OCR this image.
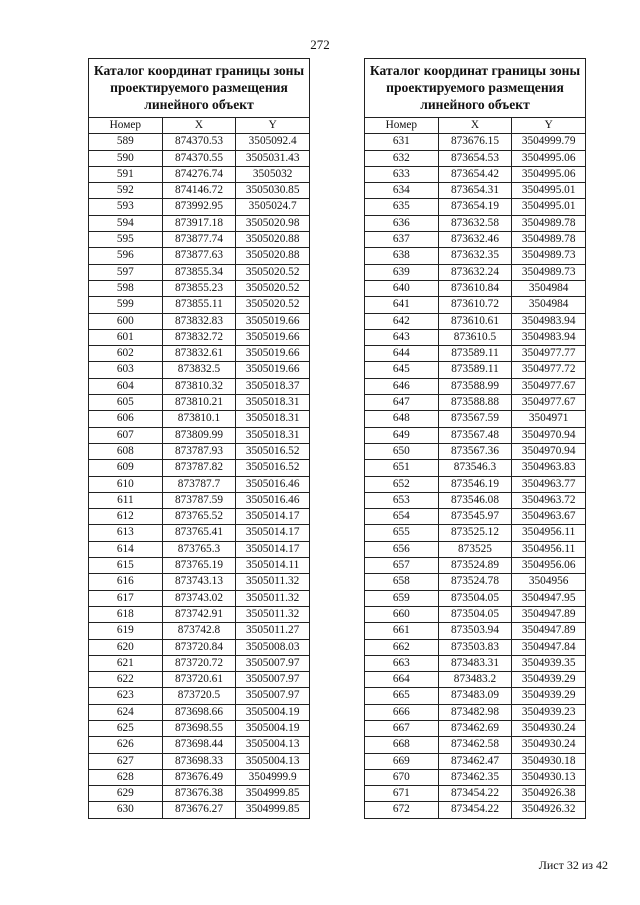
272
Каталог координат границы зоны проектируемого размещения линейного объект		
Номер	X	Y
589	874370.53	3505092.4
590	874370.55	3505031.43
591	874276.74	3505032
592	874146.72	3505030.85
593	873992.95	3505024.7
594	873917.18	3505020.98
595	873877.74	3505020.88
596	873877.63	3505020.88
597	873855.34	3505020.52
598	873855.23	3505020.52
599	873855.11	3505020.52
600	873832.83	3505019.66
601	873832.72	3505019.66
602	873832.61	3505019.66
603	873832.5	3505019.66
604	873810.32	3505018.37
605	873810.21	3505018.31
606	873810.1	3505018.31
607	873809.99	3505018.31
608	873787.93	3505016.52
609	873787.82	3505016.52
610	873787.7	3505016.46
611	873787.59	3505016.46
612	873765.52	3505014.17
613	873765.41	3505014.17
614	873765.3	3505014.17
615	873765.19	3505014.11
616	873743.13	3505011.32
617	873743.02	3505011.32
618	873742.91	3505011.32
619	873742.8	3505011.27
620	873720.84	3505008.03
621	873720.72	3505007.97
622	873720.61	3505007.97
623	873720.5	3505007.97
624	873698.66	3505004.19
625	873698.55	3505004.19
626	873698.44	3505004.13
627	873698.33	3505004.13
628	873676.49	3504999.9
629	873676.38	3504999.85
630	873676.27	3504999.85
Каталог координат границы зоны проектируемого размещения линейного объект		
Номер	X	Y
631	873676.15	3504999.79
632	873654.53	3504995.06
633	873654.42	3504995.06
634	873654.31	3504995.01
635	873654.19	3504995.01
636	873632.58	3504989.78
637	873632.46	3504989.78
638	873632.35	3504989.73
639	873632.24	3504989.73
640	873610.84	3504984
641	873610.72	3504984
642	873610.61	3504983.94
643	873610.5	3504983.94
644	873589.11	3504977.77
645	873589.11	3504977.72
646	873588.99	3504977.67
647	873588.88	3504977.67
648	873567.59	3504971
649	873567.48	3504970.94
650	873567.36	3504970.94
651	873546.3	3504963.83
652	873546.19	3504963.77
653	873546.08	3504963.72
654	873545.97	3504963.67
655	873525.12	3504956.11
656	873525	3504956.11
657	873524.89	3504956.06
658	873524.78	3504956
659	873504.05	3504947.95
660	873504.05	3504947.89
661	873503.94	3504947.89
662	873503.83	3504947.84
663	873483.31	3504939.35
664	873483.2	3504939.29
665	873483.09	3504939.29
666	873482.98	3504939.23
667	873462.69	3504930.24
668	873462.58	3504930.24
669	873462.47	3504930.18
670	873462.35	3504930.13
671	873454.22	3504926.38
672	873454.22	3504926.32
Лист 32 из 42
